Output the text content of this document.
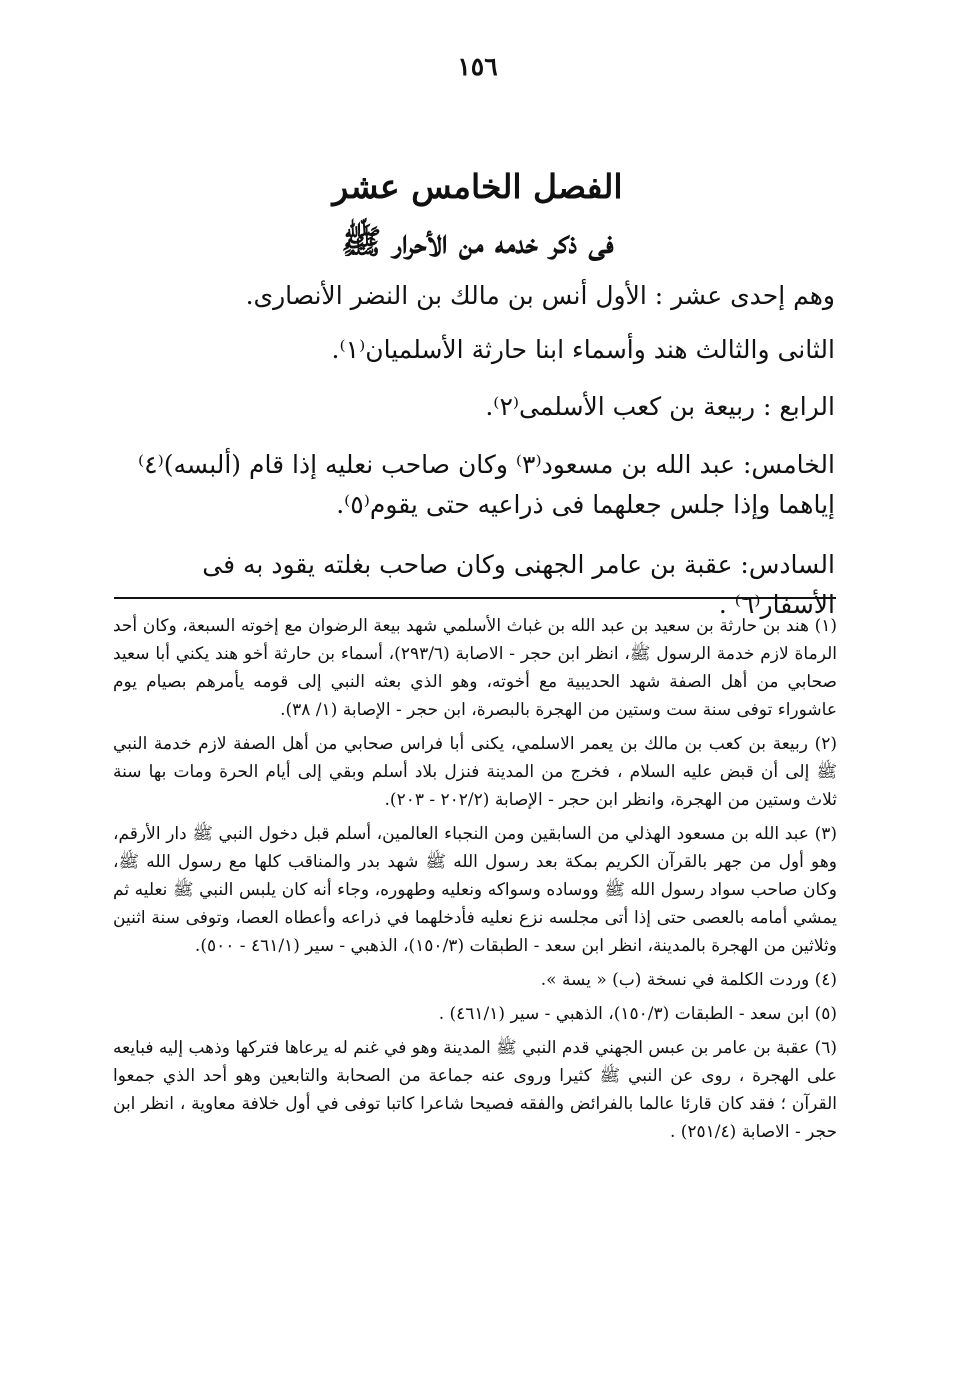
١٥٦
الفصل الخامس عشر
فى ذكر خدمه من الأحرار ﷺ

وهم إحدى عشر : الأول أنس بن مالك بن النضر الأنصارى.

الثانى والثالث هند وأسماء ابنا حارثة الأسلميان⁽١⁾.

الرابع : ربيعة بن كعب الأسلمى⁽٢⁾.

الخامس: عبد الله بن مسعود⁽٣⁾ وكان صاحب نعليه إذا قام (ألبسه)⁽٤⁾ إياهما وإذا جلس جعلهما فى ذراعيه حتى يقوم⁽٥⁾.

السادس: عقبة بن عامر الجهنى وكان صاحب بغلته يقود به فى الأسفار⁽٦⁾ .

(١) هند بن حارثة بن سعيد بن عبد الله بن غباث الأسلمي شهد بيعة الرضوان مع إخوته السبعة، وكان أحد الرماة لازم خدمة الرسول ﷺ، انظر ابن حجر - الاصابة (٢٩٣/٦)، أسماء بن حارثة أخو هند يكني أبا سعيد صحابي من أهل الصفة شهد الحديبية مع أخوته، وهو الذي بعثه النبي إلى قومه يأمرهم بصيام يوم عاشوراء توفى سنة ست وستين من الهجرة بالبصرة، ابن حجر - الإصابة (١/ ٣٨).

(٢) ربيعة بن كعب بن مالك بن يعمر الاسلمي، يكنى أبا فراس صحابي من أهل الصفة لازم خدمة النبي ﷺ إلى أن قبض عليه السلام ، فخرج من المدينة فنزل بلاد أسلم وبقي إلى أيام الحرة ومات بها سنة ثلاث وستين من الهجرة، وانظر ابن حجر - الإصابة (٢٠٢/٢ - ٢٠٣).

(٣) عبد الله بن مسعود الهذلي من السابقين ومن النجباء العالمين، أسلم قبل دخول النبي ﷺ دار الأرقم، وهو أول من جهر بالقرآن الكريم بمكة بعد رسول الله ﷺ شهد بدر والمناقب كلها مع رسول الله ﷺ، وكان صاحب سواد رسول الله ﷺ ووساده وسواكه ونعليه وطهوره، وجاء أنه كان يلبس النبي ﷺ نعليه ثم يمشي أمامه بالعصى حتى إذا أتى مجلسه نزع نعليه فأدخلهما في ذراعه وأعطاه العصا، وتوفى سنة اثنين وثلاثين من الهجرة بالمدينة، انظر ابن سعد - الطبقات (١٥٠/٣)، الذهبي - سير (٤٦١/١ - ٥٠٠).

(٤) وردت الكلمة في نسخة (ب) « يسة ».

(٥) ابن سعد - الطبقات (١٥٠/٣)، الذهبي - سير (٤٦١/١) .

(٦) عقبة بن عامر بن عبس الجهني قدم النبي ﷺ المدينة وهو في غنم له يرعاها فتركها وذهب إليه فبايعه على الهجرة ، روى عن النبي ﷺ كثيرا وروى عنه جماعة من الصحابة والتابعين وهو أحد الذي جمعوا القرآن ؛ فقد كان قارئا عالما بالفرائض والفقه فصيحا شاعرا كاتبا توفى في أول خلافة معاوية ، انظر ابن حجر - الاصابة (٢٥١/٤) .
